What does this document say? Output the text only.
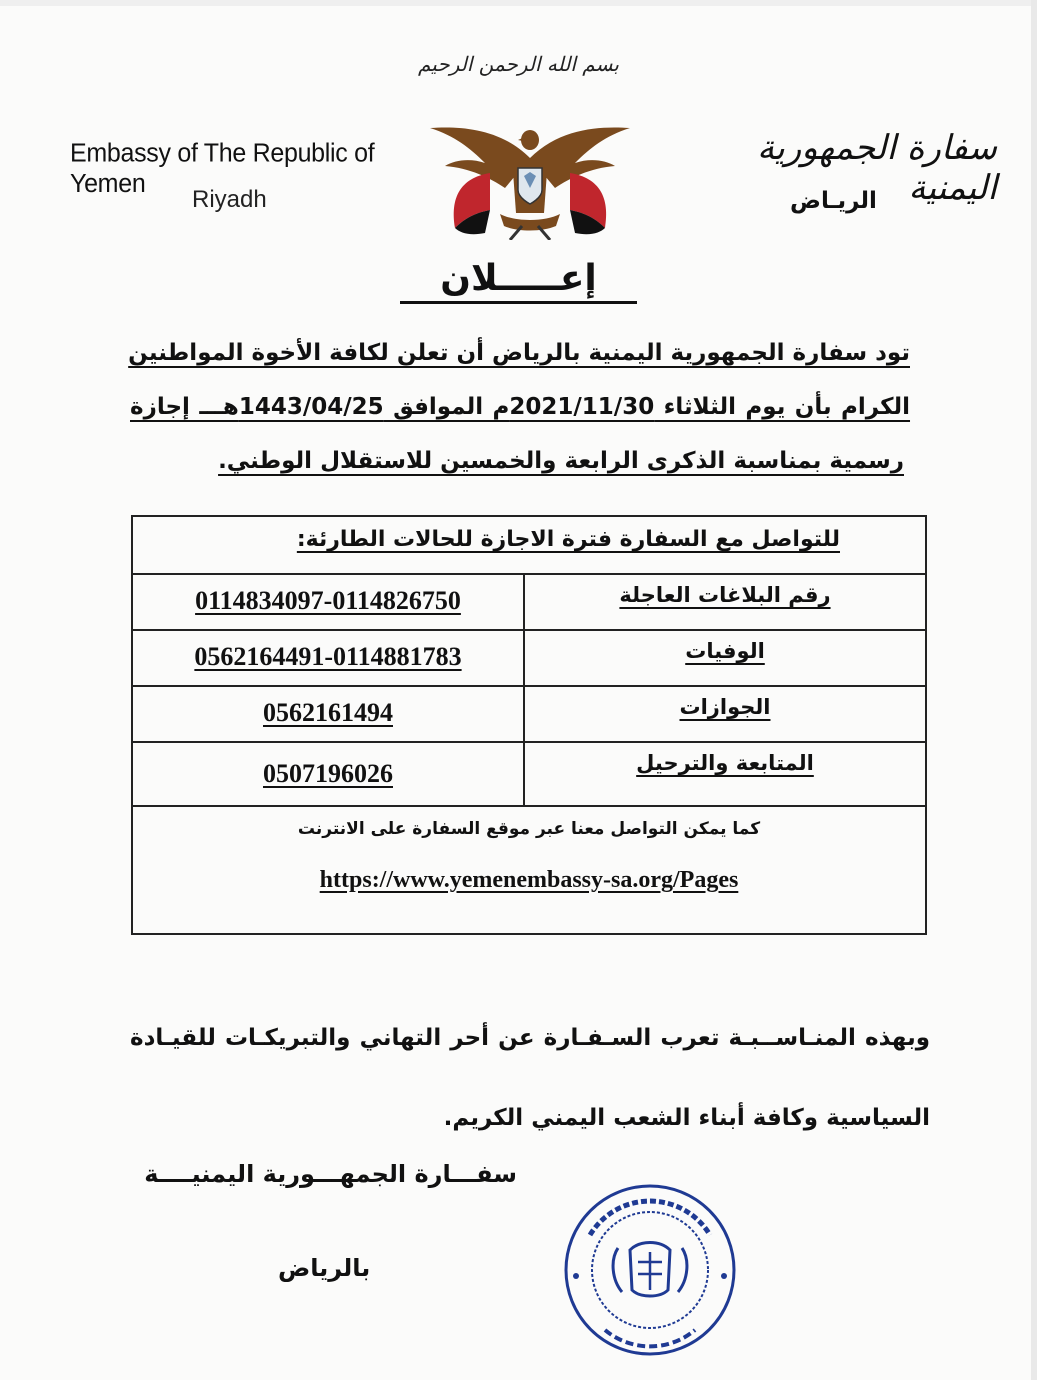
بسم الله الرحمن الرحيم
Embassy of The Republic of Yemen
Riyadh
سفارة الجمهورية اليمنية
الريـاض
إعـــــلان
تود سفارة الجمهورية اليمنية بالرياض أن تعلن لكافة الأخوة المواطنين
الكرام بأن يوم الثلاثاء 2021/11/30م الموافق 1443/04/25هـــ إجازة
رسمية بمناسبة الذكرى الرابعة والخمسين للاستقلال الوطني.
للتواصل مع السفارة فترة الاجازة للحالات الطارئة:
0114834097-0114826750	رقم البلاغات العاجلة
0562164491-0114881783	الوفيات
0562161494	الجوازات
0507196026	المتابعة والترحيل
كما يمكن التواصل معنا عبر موقع السفارة على الانترنت
https://www.yemenembassy-sa.org/Pages
وبهذه المنـاســبـة تعرب السـفـارة عن أحر التهاني والتبريكـات للقيـادة
السياسية وكافة أبناء الشعب اليمني الكريم.
سفـــارة الجمهـــورية اليمنيــــة
بالرياض
